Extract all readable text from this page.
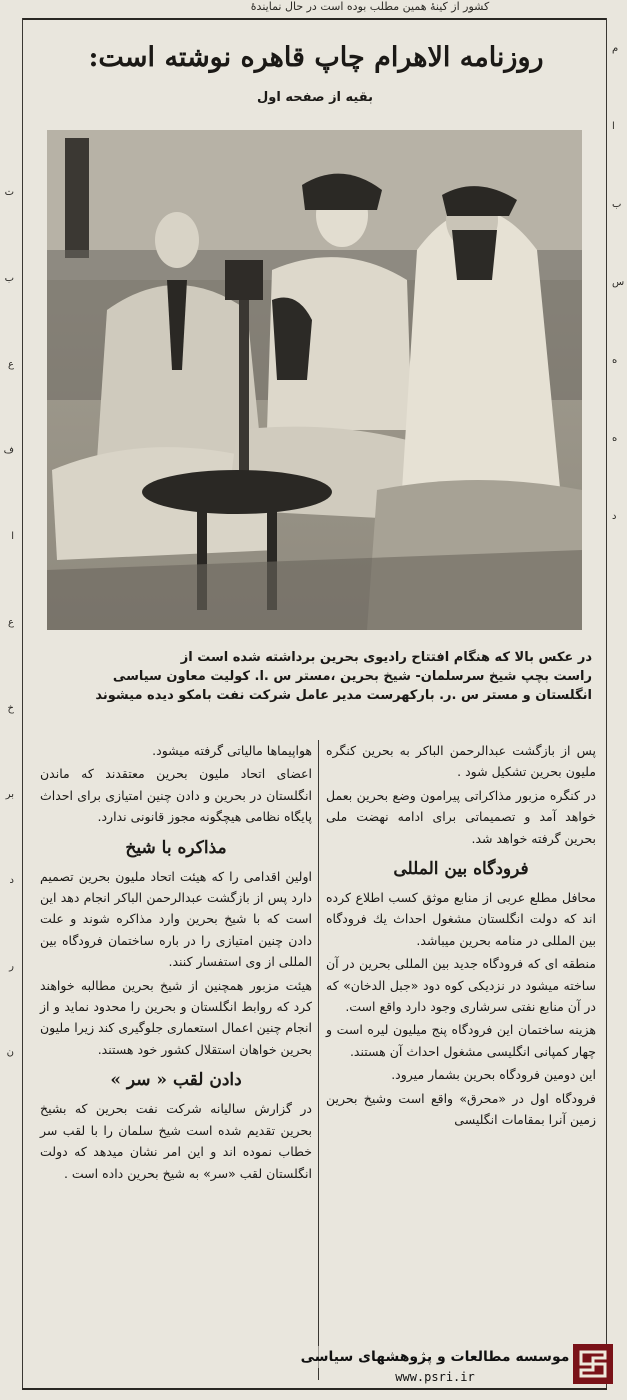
کشور از کینهٔ همین مطلب بوده است در حال نمایندهٔ
ت
ب
ع
ف
ا
ع
خ
بر
د
ر
ن
م
ا
ب
س
ه
ه
د
روزنامه الاهرام چاپ قاهره نوشته است:
بقیه از صفحه اول

در عکس بالا که هنگام افتتاح رادیوی بحرین برداشته شده است از

راست بچپ شیخ سرسلمان- شیخ بحرین ،مستر س .ا. کولیت معاون سیاسی

انگلستان و مستر س .ر. بارکهرست مدیر عامل شرکت نفت بامکو دیده میشوند

پس از بازگشت عبدالرحمن الباکر به بحرین کنگره ملیون بحرین تشکیل شود .

در کنگره مزبور مذاکراتی پیرامون وضع بحرین بعمل خواهد آمد و تصمیماتی برای ادامه نهضت ملی بحرین گرفته خواهد شد.

فرودگاه بین المللی

محافل مطلع عربی از منابع موثق کسب اطلاع کرده اند که دولت انگلستان مشغول احداث یك فرودگاه بین المللی در منامه بحرین میباشد.

منطقه ای که فرودگاه جدید بین المللی بحرین در آن ساخته میشود در نزدیکی کوه دود «جبل الدخان» که در آن منابع نفتی سرشاری وجود دارد واقع است.

هزینه ساختمان این فرودگاه پنج میلیون لیره است و چهار کمپانی انگلیسی مشغول احداث آن هستند.

این دومین فرودگاه بحرین بشمار میرود.

فرودگاه اول در «محرق» واقع است وشیخ بحرین زمین آنرا بمقامات انگلیسی

هواپیماها مالیاتی گرفته میشود.

اعضای اتحاد ملیون بحرین معتقدند که ماندن انگلستان در بحرین و دادن چنین امتیازی برای احداث پایگاه نظامی هیچگونه مجوز قانونی ندارد.

مذاکره با شیخ

اولین اقدامی را که هیئت اتحاد ملیون بحرین تصمیم دارد پس از بازگشت عبدالرحمن الباکر انجام دهد این است که با شیخ بحرین وارد مذاکره شوند و علت دادن چنین امتیازی را در باره ساختمان فرودگاه بین المللی از وی استفسار کنند.

هیئت مزبور همچنین از شیخ بحرین مطالبه خواهند کرد که روابط انگلستان و بحرین را محدود نماید و از انجام چنین اعمال استعماری جلوگیری کند زیرا ملیون بحرین خواهان استقلال کشور خود هستند.

دادن لقب « سر »

در گزارش سالیانه شرکت نفت بحرین که بشیخ بحرین تقدیم شده است شیخ سلمان را با لقب سر خطاب نموده اند و این امر نشان میدهد که دولت انگلستان لقب «سر» به شیخ بحرین داده است .

موسسه مطالعات و پژوهشهای سیاسی
www.psri.ir
